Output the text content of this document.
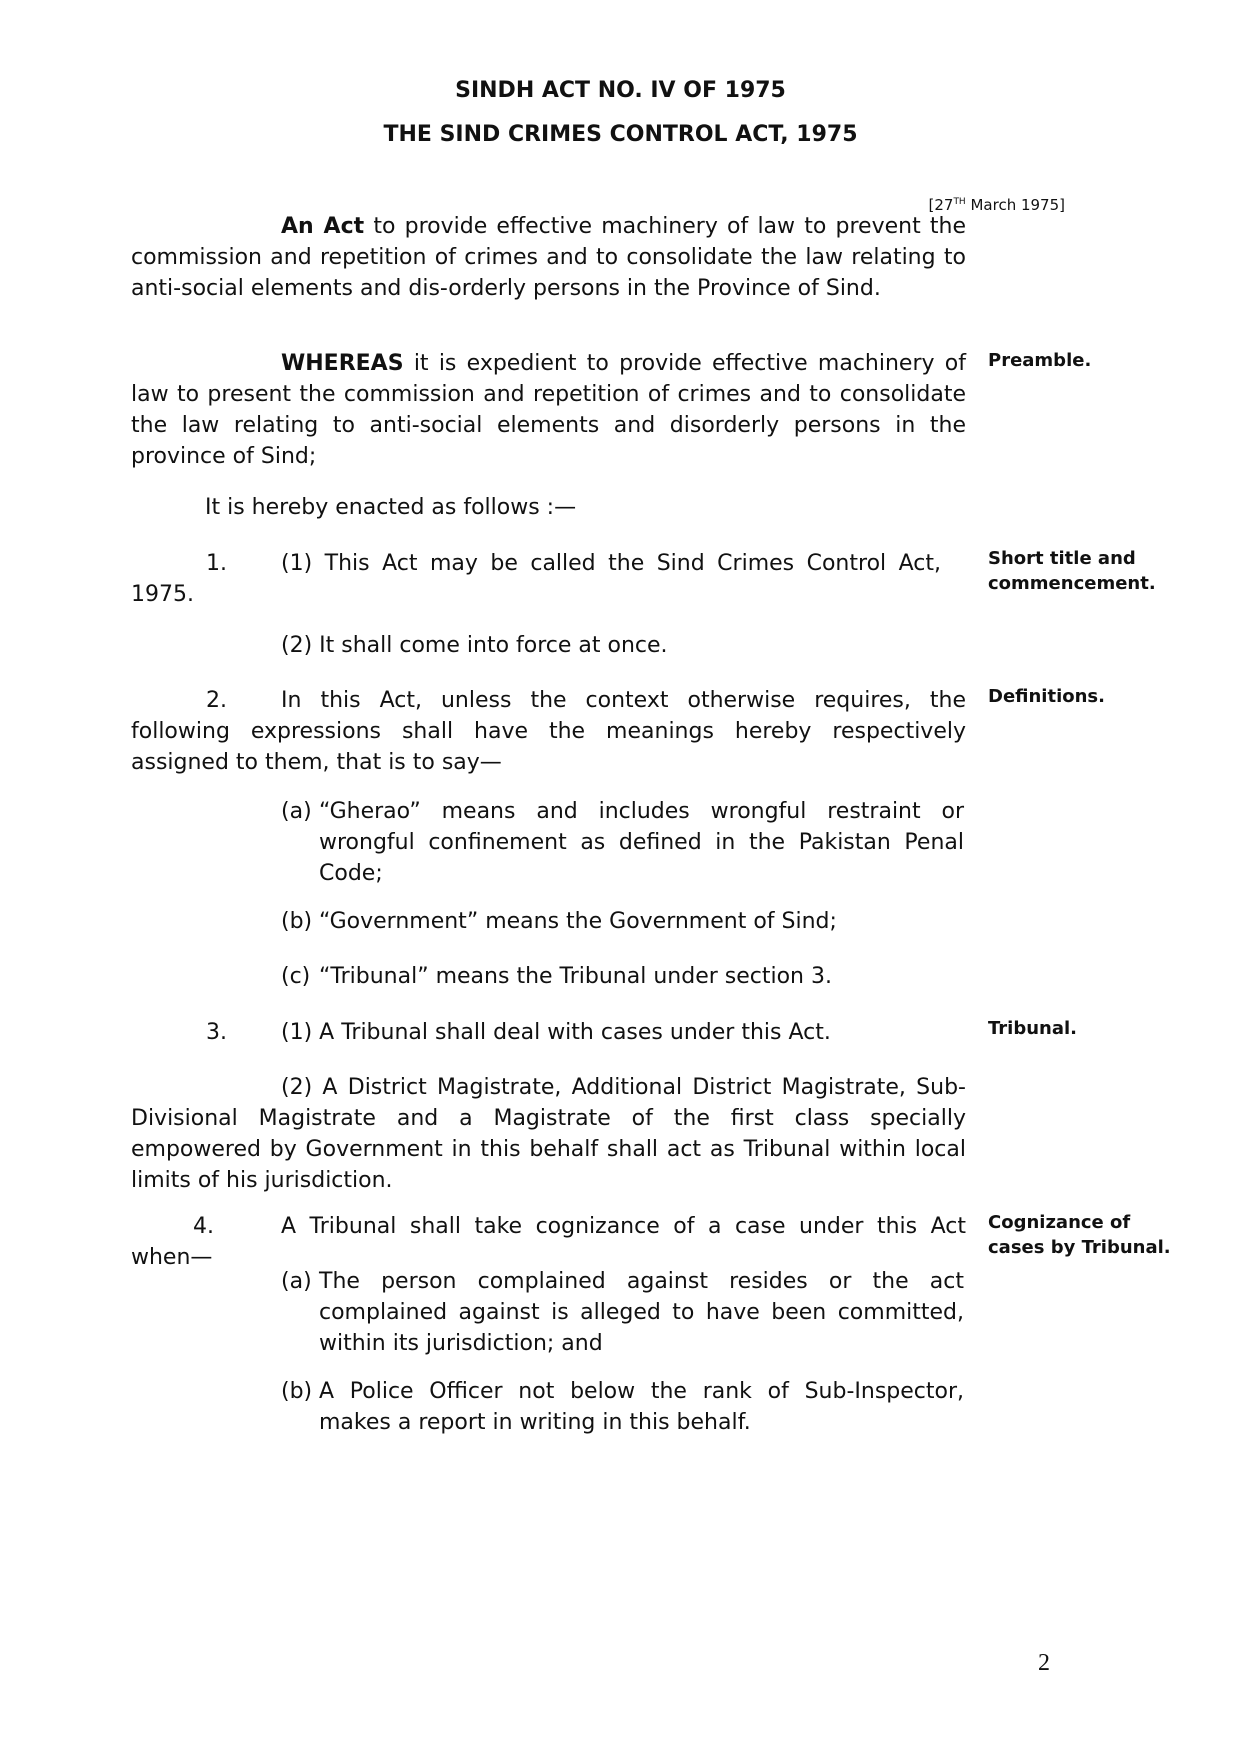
SINDH ACT NO. IV OF 1975
THE SIND CRIMES CONTROL ACT, 1975
[27TH March 1975]
An Act to provide effective machinery of law to prevent the commission and repetition of crimes and to consolidate the law relating to anti-social elements and dis-orderly persons in the Province of Sind.
WHEREAS it is expedient to provide effective machinery of law to present the commission and repetition of crimes and to consolidate the law relating to anti-social elements and disorderly persons in the province of Sind;
Preamble.
It is hereby enacted as follows :—
1.	(1) This Act may be called the Sind Crimes Control Act, 1975.
Short title and
commencement.
(2) It shall come into force at once.
2.	In this Act, unless the context otherwise requires, the following expressions shall have the meanings hereby respectively assigned to them, that is to say—
Definitions.
(a) “Gherao” means and includes wrongful restraint or wrongful confinement as defined in the Pakistan Penal Code;
(b) “Government” means the Government of Sind;
(c) “Tribunal” means the Tribunal under section 3.
3.	(1) A Tribunal shall deal with cases under this Act.	Tribunal.
(2) A District Magistrate, Additional District Magistrate, Sub-Divisional Magistrate and a Magistrate of the first class specially empowered by Government in this behalf shall act as Tribunal within local limits of his jurisdiction.
4.	A Tribunal shall take cognizance of a case under this Act when—
Cognizance of
cases by Tribunal.
(a) The person complained against resides or the act complained against is alleged to have been committed, within its jurisdiction; and
(b) A Police Officer not below the rank of Sub-Inspector, makes a report in writing in this behalf.
2
